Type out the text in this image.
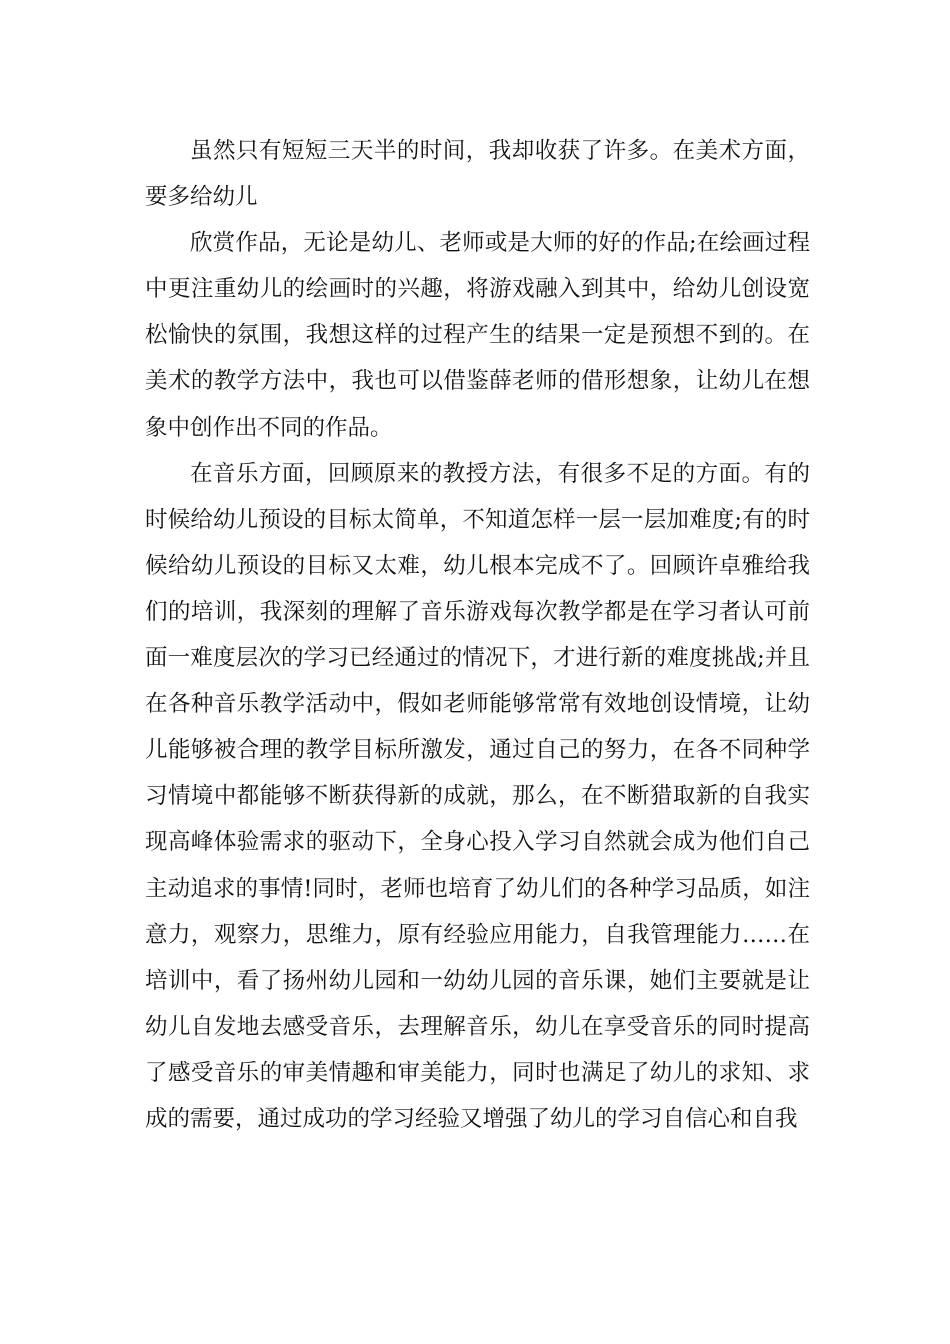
虽然只有短短三天半的时间，我却收获了许多。在美术方面，要多给幼儿

欣赏作品，无论是幼儿、老师或是大师的好的作品;在绘画过程中更注重幼儿的绘画时的兴趣，将游戏融入到其中，给幼儿创设宽松愉快的氛围，我想这样的过程产生的结果一定是预想不到的。在美术的教学方法中，我也可以借鉴薛老师的借形想象，让幼儿在想象中创作出不同的作品。

在音乐方面，回顾原来的教授方法，有很多不足的方面。有的时候给幼儿预设的目标太简单，不知道怎样一层一层加难度;有的时候给幼儿预设的目标又太难，幼儿根本完成不了。回顾许卓雅给我们的培训，我深刻的理解了音乐游戏每次教学都是在学习者认可前面一难度层次的学习已经通过的情况下，才进行新的难度挑战;并且在各种音乐教学活动中，假如老师能够常常有效地创设情境，让幼儿能够被合理的教学目标所激发，通过自己的努力，在各不同种学习情境中都能够不断获得新的成就，那么，在不断猎取新的自我实现高峰体验需求的驱动下，全身心投入学习自然就会成为他们自己主动追求的事情!同时，老师也培育了幼儿们的各种学习品质，如注意力，观察力，思维力，原有经验应用能力，自我管理能力……在培训中，看了扬州幼儿园和一幼幼儿园的音乐课，她们主要就是让幼儿自发地去感受音乐，去理解音乐，幼儿在享受音乐的同时提高了感受音乐的审美情趣和审美能力，同时也满足了幼儿的求知、求成的需要，通过成功的学习经验又增强了幼儿的学习自信心和自我
